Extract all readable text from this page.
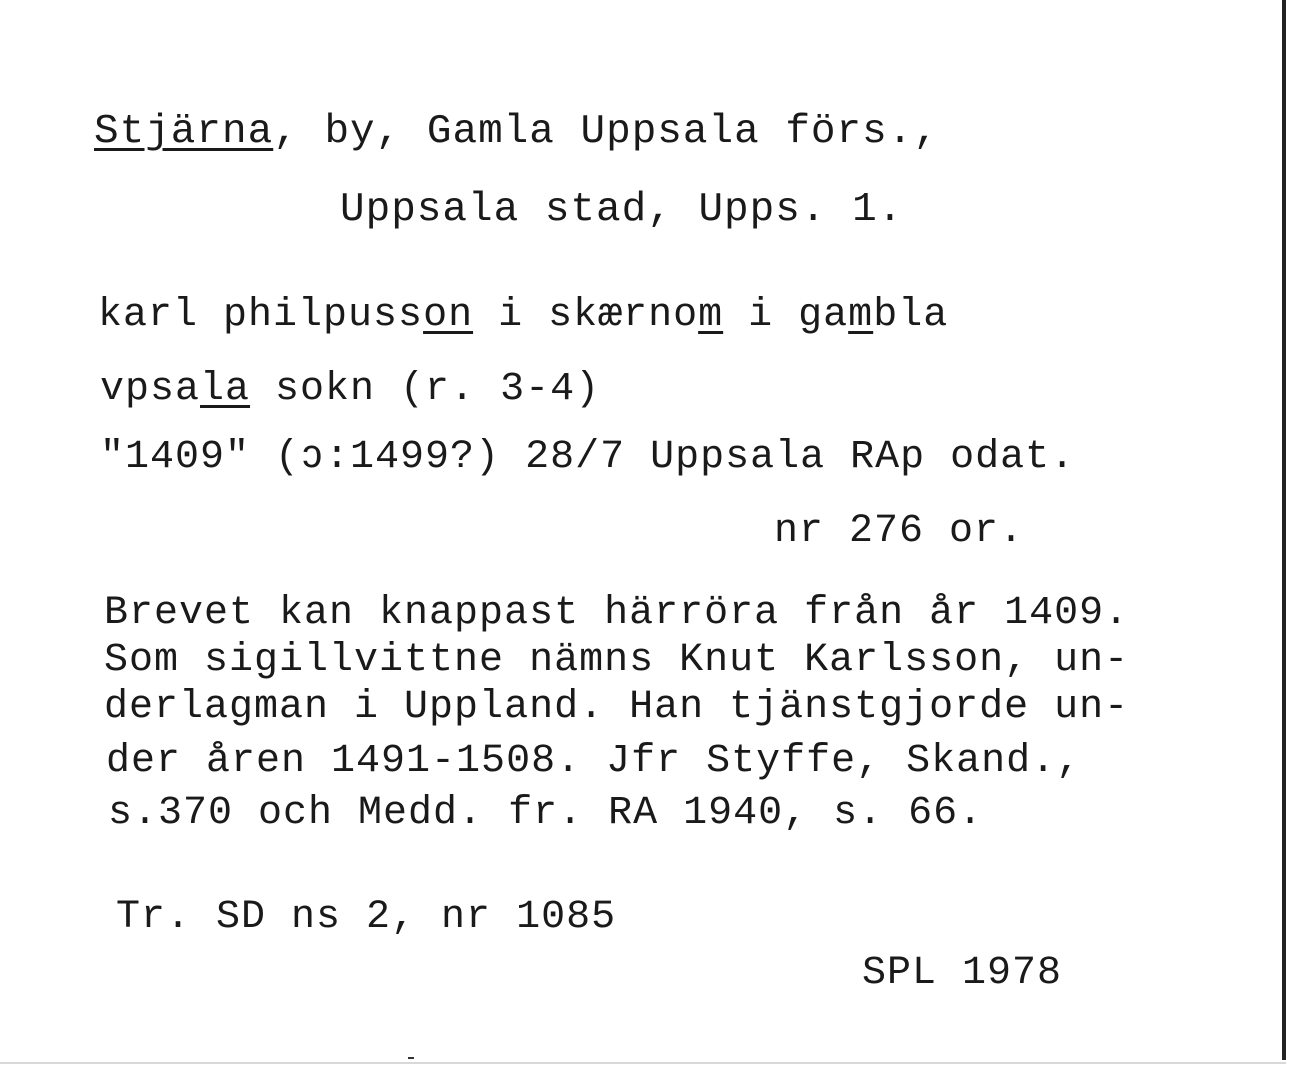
Stjärna, by, Gamla Uppsala förs.,
Uppsala stad, Upps. 1.
karl philpusson i skærnom i gambla
vpsala sokn (r. 3-4)
"1409" (ↄ:1499?) 28/7 Uppsala RAp odat.
nr 276 or.
Brevet kan knappast härröra från år 1409.
Som sigillvittne nämns Knut Karlsson, un-
derlagman i Uppland. Han tjänstgjorde un-
der åren 1491-1508. Jfr Styffe, Skand.,
s.370 och Medd. fr. RA 1940, s. 66.
Tr. SD ns 2, nr 1085
SPL 1978
